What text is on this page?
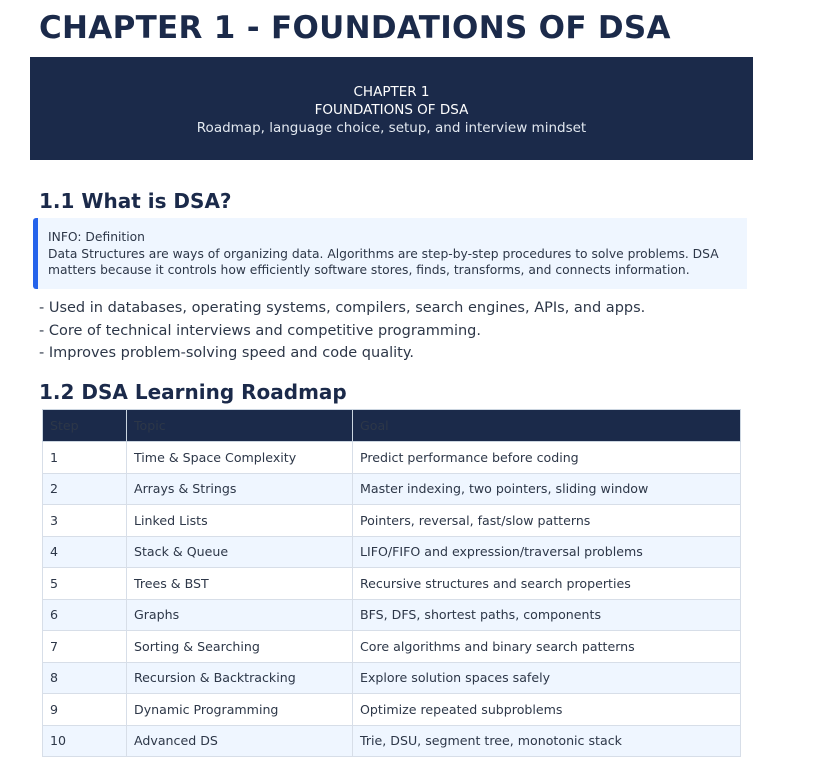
CHAPTER 1 - FOUNDATIONS OF DSA
CHAPTER 1
FOUNDATIONS OF DSA
Roadmap, language choice, setup, and interview mindset
1.1 What is DSA?
INFO: Definition
Data Structures are ways of organizing data. Algorithms are step-by-step procedures to solve problems. DSA
matters because it controls how efficiently software stores, finds, transforms, and connects information.
- Used in databases, operating systems, compilers, search engines, APIs, and apps.
- Core of technical interviews and competitive programming.
- Improves problem-solving speed and code quality.
1.2 DSA Learning Roadmap
Step	Topic	Goal
1	Time & Space Complexity	Predict performance before coding
2	Arrays & Strings	Master indexing, two pointers, sliding window
3	Linked Lists	Pointers, reversal, fast/slow patterns
4	Stack & Queue	LIFO/FIFO and expression/traversal problems
5	Trees & BST	Recursive structures and search properties
6	Graphs	BFS, DFS, shortest paths, components
7	Sorting & Searching	Core algorithms and binary search patterns
8	Recursion & Backtracking	Explore solution spaces safely
9	Dynamic Programming	Optimize repeated subproblems
10	Advanced DS	Trie, DSU, segment tree, monotonic stack
